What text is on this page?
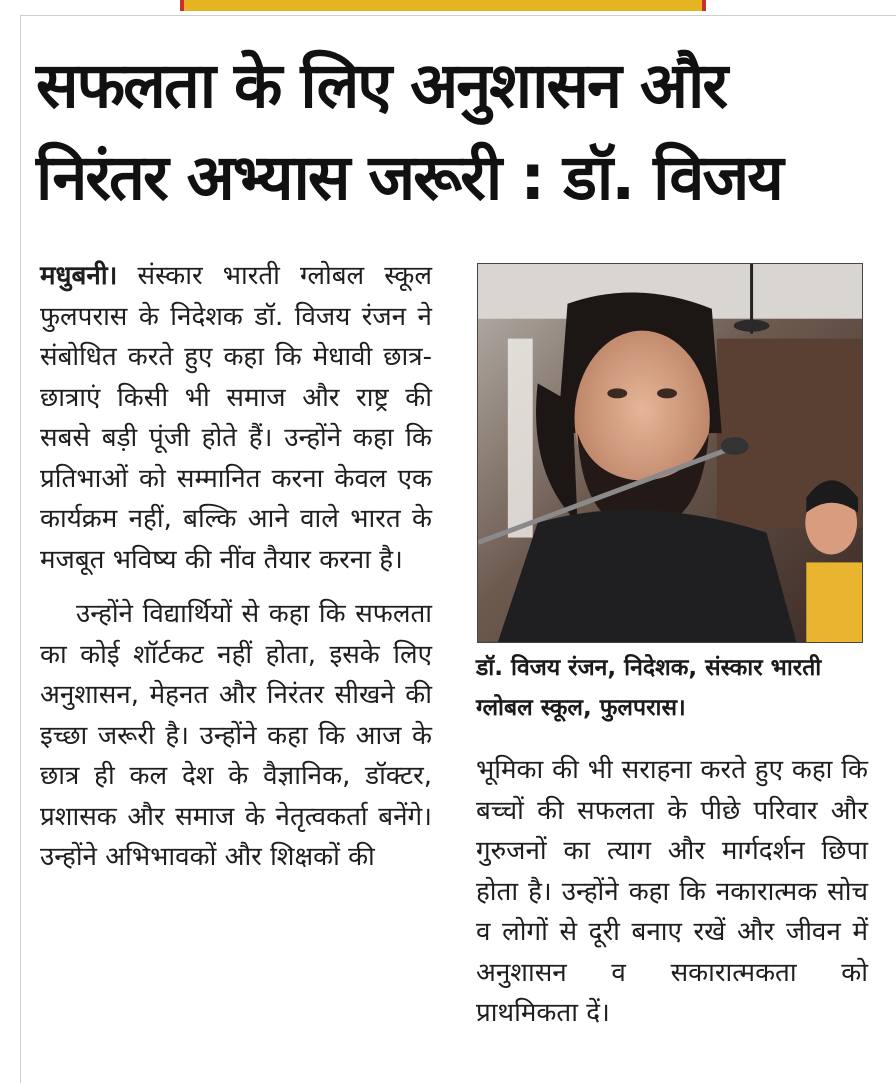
सफलता के लिए अनुशासन और
निरंतर अभ्यास जरूरी : डॉ. विजय

मधुबनी। संस्कार भारती ग्लोबल स्कूल फुलपरास के निदेशक डॉ. विजय रंजन ने संबोधित करते हुए कहा कि मेधावी छात्र-छात्राएं किसी भी समाज और राष्ट्र की सबसे बड़ी पूंजी होते हैं। उन्होंने कहा कि प्रतिभाओं को सम्मानित करना केवल एक कार्यक्रम नहीं, बल्कि आने वाले भारत के मजबूत भविष्य की नींव तैयार करना है।

उन्होंने विद्यार्थियों से कहा कि सफलता का कोई शॉर्टकट नहीं होता, इसके लिए अनुशासन, मेहनत और निरंतर सीखने की इच्छा जरूरी है। उन्होंने कहा कि आज के छात्र ही कल देश के वैज्ञानिक, डॉक्टर, प्रशासक और समाज के नेतृत्वकर्ता बनेंगे। उन्होंने अभिभावकों और शिक्षकों की

डॉ. विजय रंजन, निदेशक, संस्कार भारती ग्लोबल स्कूल, फुलपरास।

भूमिका की भी सराहना करते हुए कहा कि बच्चों की सफलता के पीछे परिवार और गुरुजनों का त्याग और मार्गदर्शन छिपा होता है। उन्होंने कहा कि नकारात्मक सोच व लोगों से दूरी बनाए रखें और जीवन में अनुशासन व सकारात्मकता को प्राथमिकता दें।
